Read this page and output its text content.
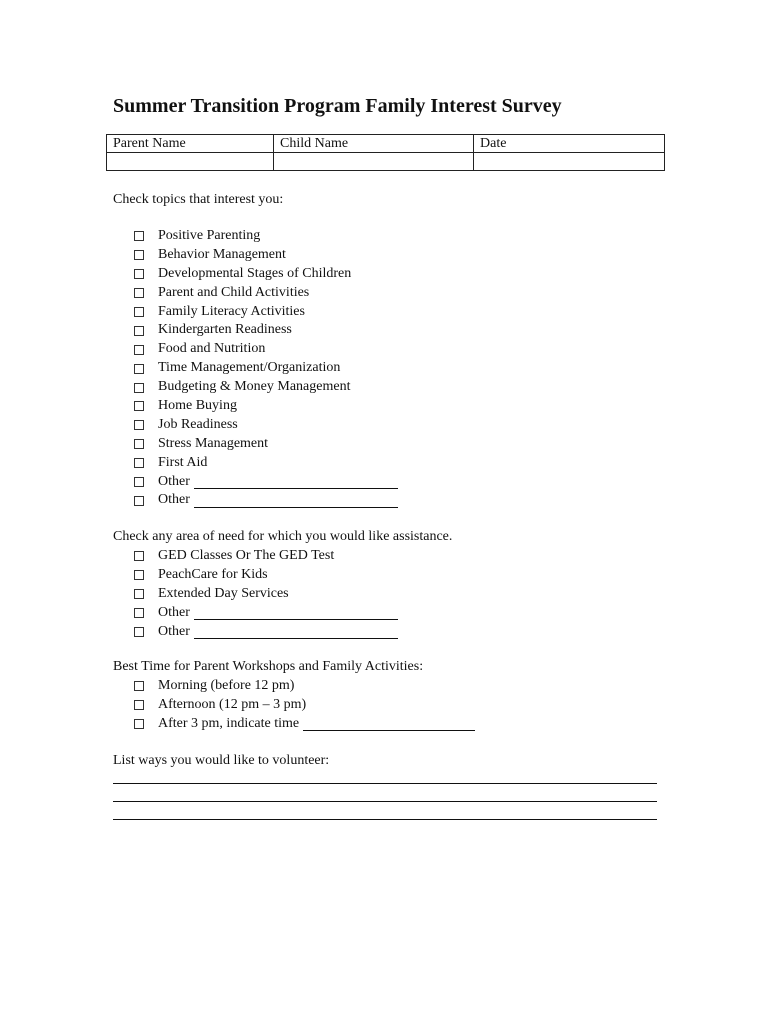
Summer Transition Program Family Interest Survey
Parent Name	Child Name	Date

Check topics that interest you:

Positive Parenting
Behavior Management
Developmental Stages of Children
Parent and Child Activities
Family Literacy Activities
Kindergarten Readiness
Food and Nutrition
Time Management/Organization
Budgeting & Money Management
Home Buying
Job Readiness
Stress Management
First Aid
Other
Other

Check any area of need for which you would like assistance.

GED Classes Or The GED Test
PeachCare for Kids
Extended Day Services
Other
Other

Best Time for Parent Workshops and Family Activities:

Morning (before 12 pm)
Afternoon (12 pm – 3 pm)
After 3 pm, indicate time

List ways you would like to volunteer:
